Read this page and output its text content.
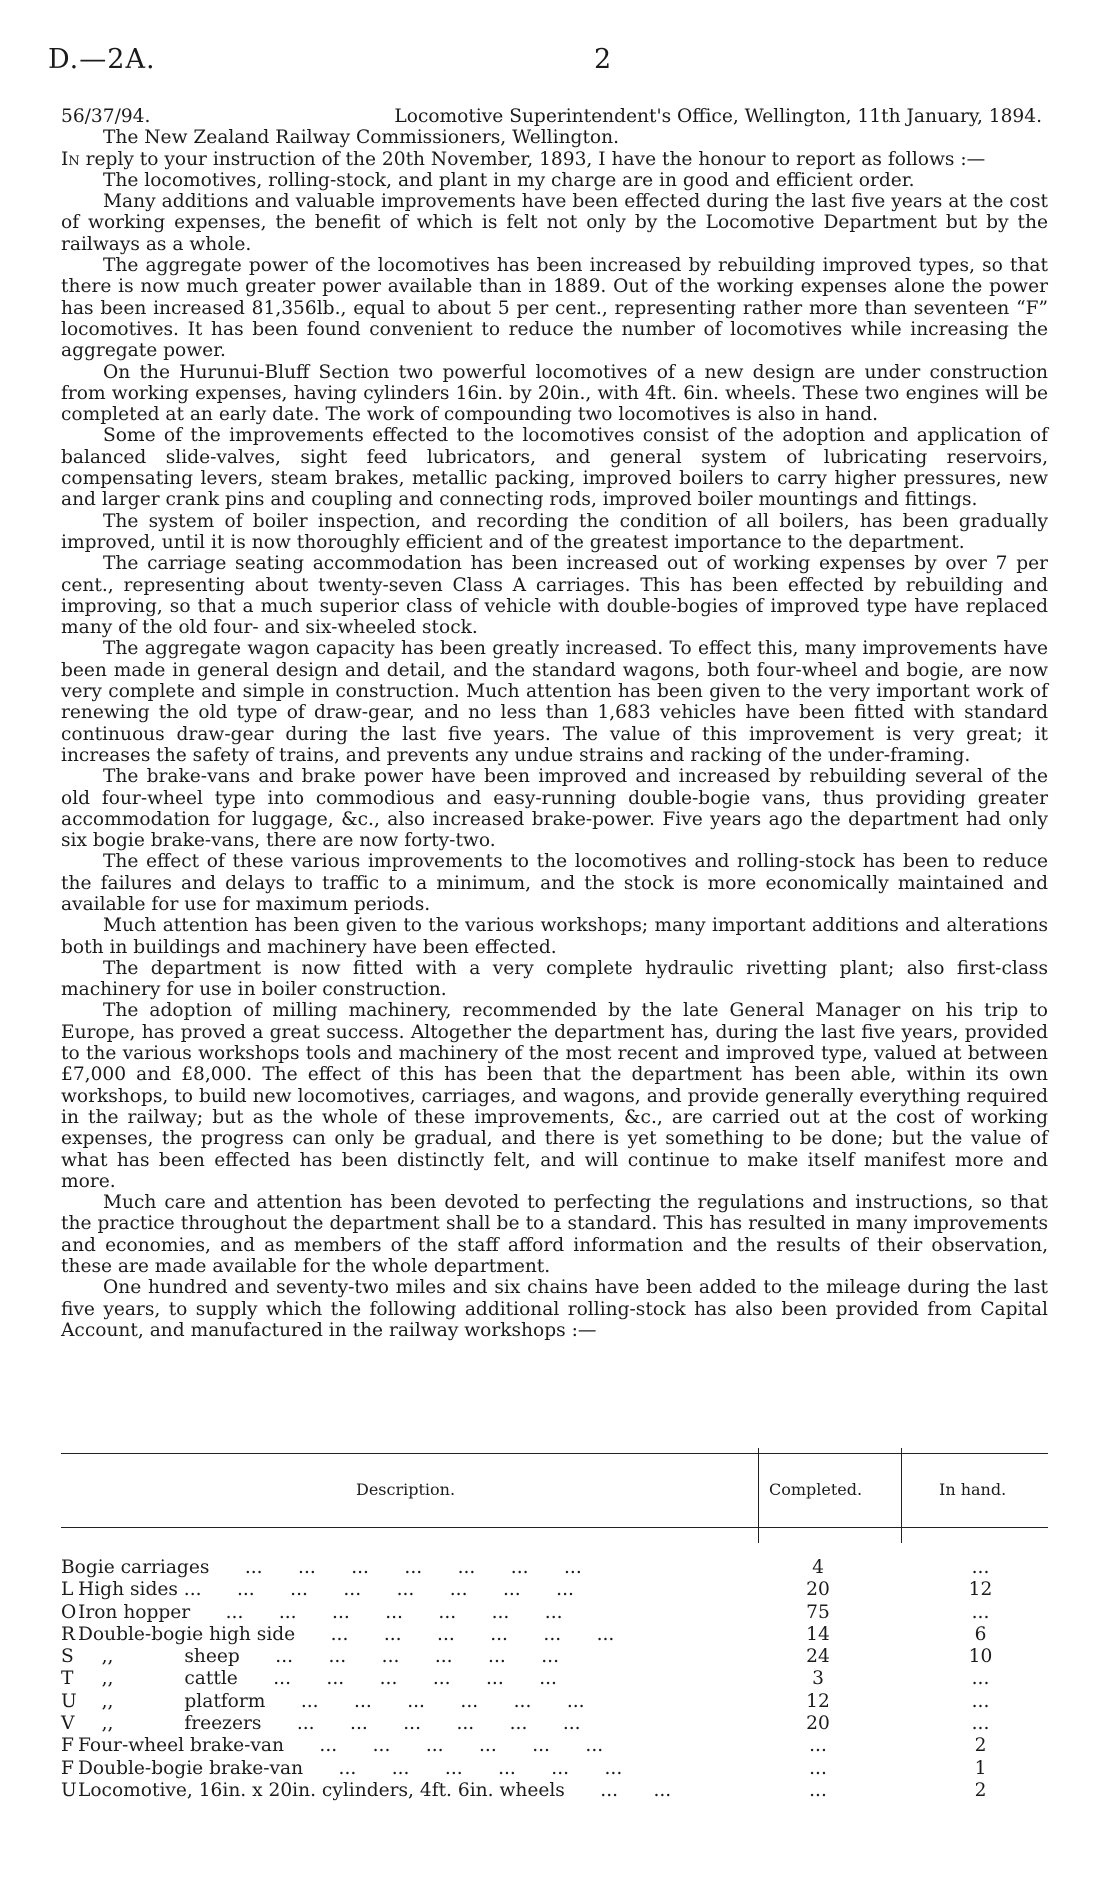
D.—2A.	2
56/37/94.	Locomotive Superintendent's Office, Wellington, 11th January, 1894.
The New Zealand Railway Commissioners, Wellington.

In reply to your instruction of the 20th November, 1893, I have the honour to report as follows :—

The locomotives, rolling-stock, and plant in my charge are in good and efficient order.

Many additions and valuable improvements have been effected during the last five years at the cost of working expenses, the benefit of which is felt not only by the Locomotive Department but by the railways as a whole.

The aggregate power of the locomotives has been increased by rebuilding improved types, so that there is now much greater power available than in 1889. Out of the working expenses alone the power has been increased 81,356lb., equal to about 5 per cent., representing rather more than seventeen “F” locomotives. It has been found convenient to reduce the number of locomotives while increasing the aggregate power.

On the Hurunui-Bluff Section two powerful locomotives of a new design are under construction from working expenses, having cylinders 16in. by 20in., with 4ft. 6in. wheels. These two engines will be completed at an early date. The work of compounding two locomotives is also in hand.

Some of the improvements effected to the locomotives consist of the adoption and application of balanced slide-valves, sight feed lubricators, and general system of lubricating reservoirs, compensating levers, steam brakes, metallic packing, improved boilers to carry higher pressures, new and larger crank pins and coupling and connecting rods, improved boiler mountings and fittings.

The system of boiler inspection, and recording the condition of all boilers, has been gradually improved, until it is now thoroughly efficient and of the greatest importance to the department.

The carriage seating accommodation has been increased out of working expenses by over 7 per cent., representing about twenty-seven Class A carriages. This has been effected by rebuilding and improving, so that a much superior class of vehicle with double-bogies of improved type have replaced many of the old four- and six-wheeled stock.

The aggregate wagon capacity has been greatly increased. To effect this, many improvements have been made in general design and detail, and the standard wagons, both four-wheel and bogie, are now very complete and simple in construction. Much attention has been given to the very important work of renewing the old type of draw-gear, and no less than 1,683 vehicles have been fitted with standard continuous draw-gear during the last five years. The value of this improvement is very great; it increases the safety of trains, and prevents any undue strains and racking of the under-framing.

The brake-vans and brake power have been improved and increased by rebuilding several of the old four-wheel type into commodious and easy-running double-bogie vans, thus providing greater accommodation for luggage, &c., also increased brake-power. Five years ago the department had only six bogie brake-vans, there are now forty-two.

The effect of these various improvements to the locomotives and rolling-stock has been to reduce the failures and delays to traffic to a minimum, and the stock is more economically maintained and available for use for maximum periods.

Much attention has been given to the various workshops; many important additions and alterations both in buildings and machinery have been effected.

The department is now fitted with a very complete hydraulic rivetting plant; also first-class machinery for use in boiler construction.

The adoption of milling machinery, recommended by the late General Manager on his trip to Europe, has proved a great success. Altogether the department has, during the last five years, provided to the various workshops tools and machinery of the most recent and improved type, valued at between £7,000 and £8,000. The effect of this has been that the department has been able, within its own workshops, to build new locomotives, carriages, and wagons, and provide generally everything required in the railway; but as the whole of these improvements, &c., are carried out at the cost of working expenses, the progress can only be gradual, and there is yet something to be done; but the value of what has been effected has been distinctly felt, and will continue to make itself manifest more and more.

Much care and attention has been devoted to perfecting the regulations and instructions, so that the practice throughout the department shall be to a standard. This has resulted in many improvements and economies, and as members of the staff afford information and the results of their observation, these are made available for the whole department.

One hundred and seventy-two miles and six chains have been added to the mileage during the last five years, to supply which the following additional rolling-stock has also been provided from Capital Account, and manufactured in the railway workshops :—

Description.	Completed.	In hand.
Bogie carriages      ...      ...      ...      ...      ...      ...      ...	4	...
L High sides ...      ...      ...      ...      ...      ...      ...      ...	20	12
O Iron hopper      ...      ...      ...      ...      ...      ...      ...	75	...
R Double-bogie high side      ...      ...      ...      ...      ...      ...	14	6
S ,,            sheep      ...      ...      ...      ...      ...      ...	24	10
T ,,            cattle      ...      ...      ...      ...      ...      ...	3	...
U ,,            platform      ...      ...      ...      ...      ...      ...	12	...
V ,,            freezers      ...      ...      ...      ...      ...      ...	20	...
F Four-wheel brake-van      ...      ...      ...      ...      ...      ...	...	2
F Double-bogie brake-van      ...      ...      ...      ...      ...      ...	...	1
U Locomotive, 16in. x 20in. cylinders, 4ft. 6in. wheels      ...      ...	...	2
